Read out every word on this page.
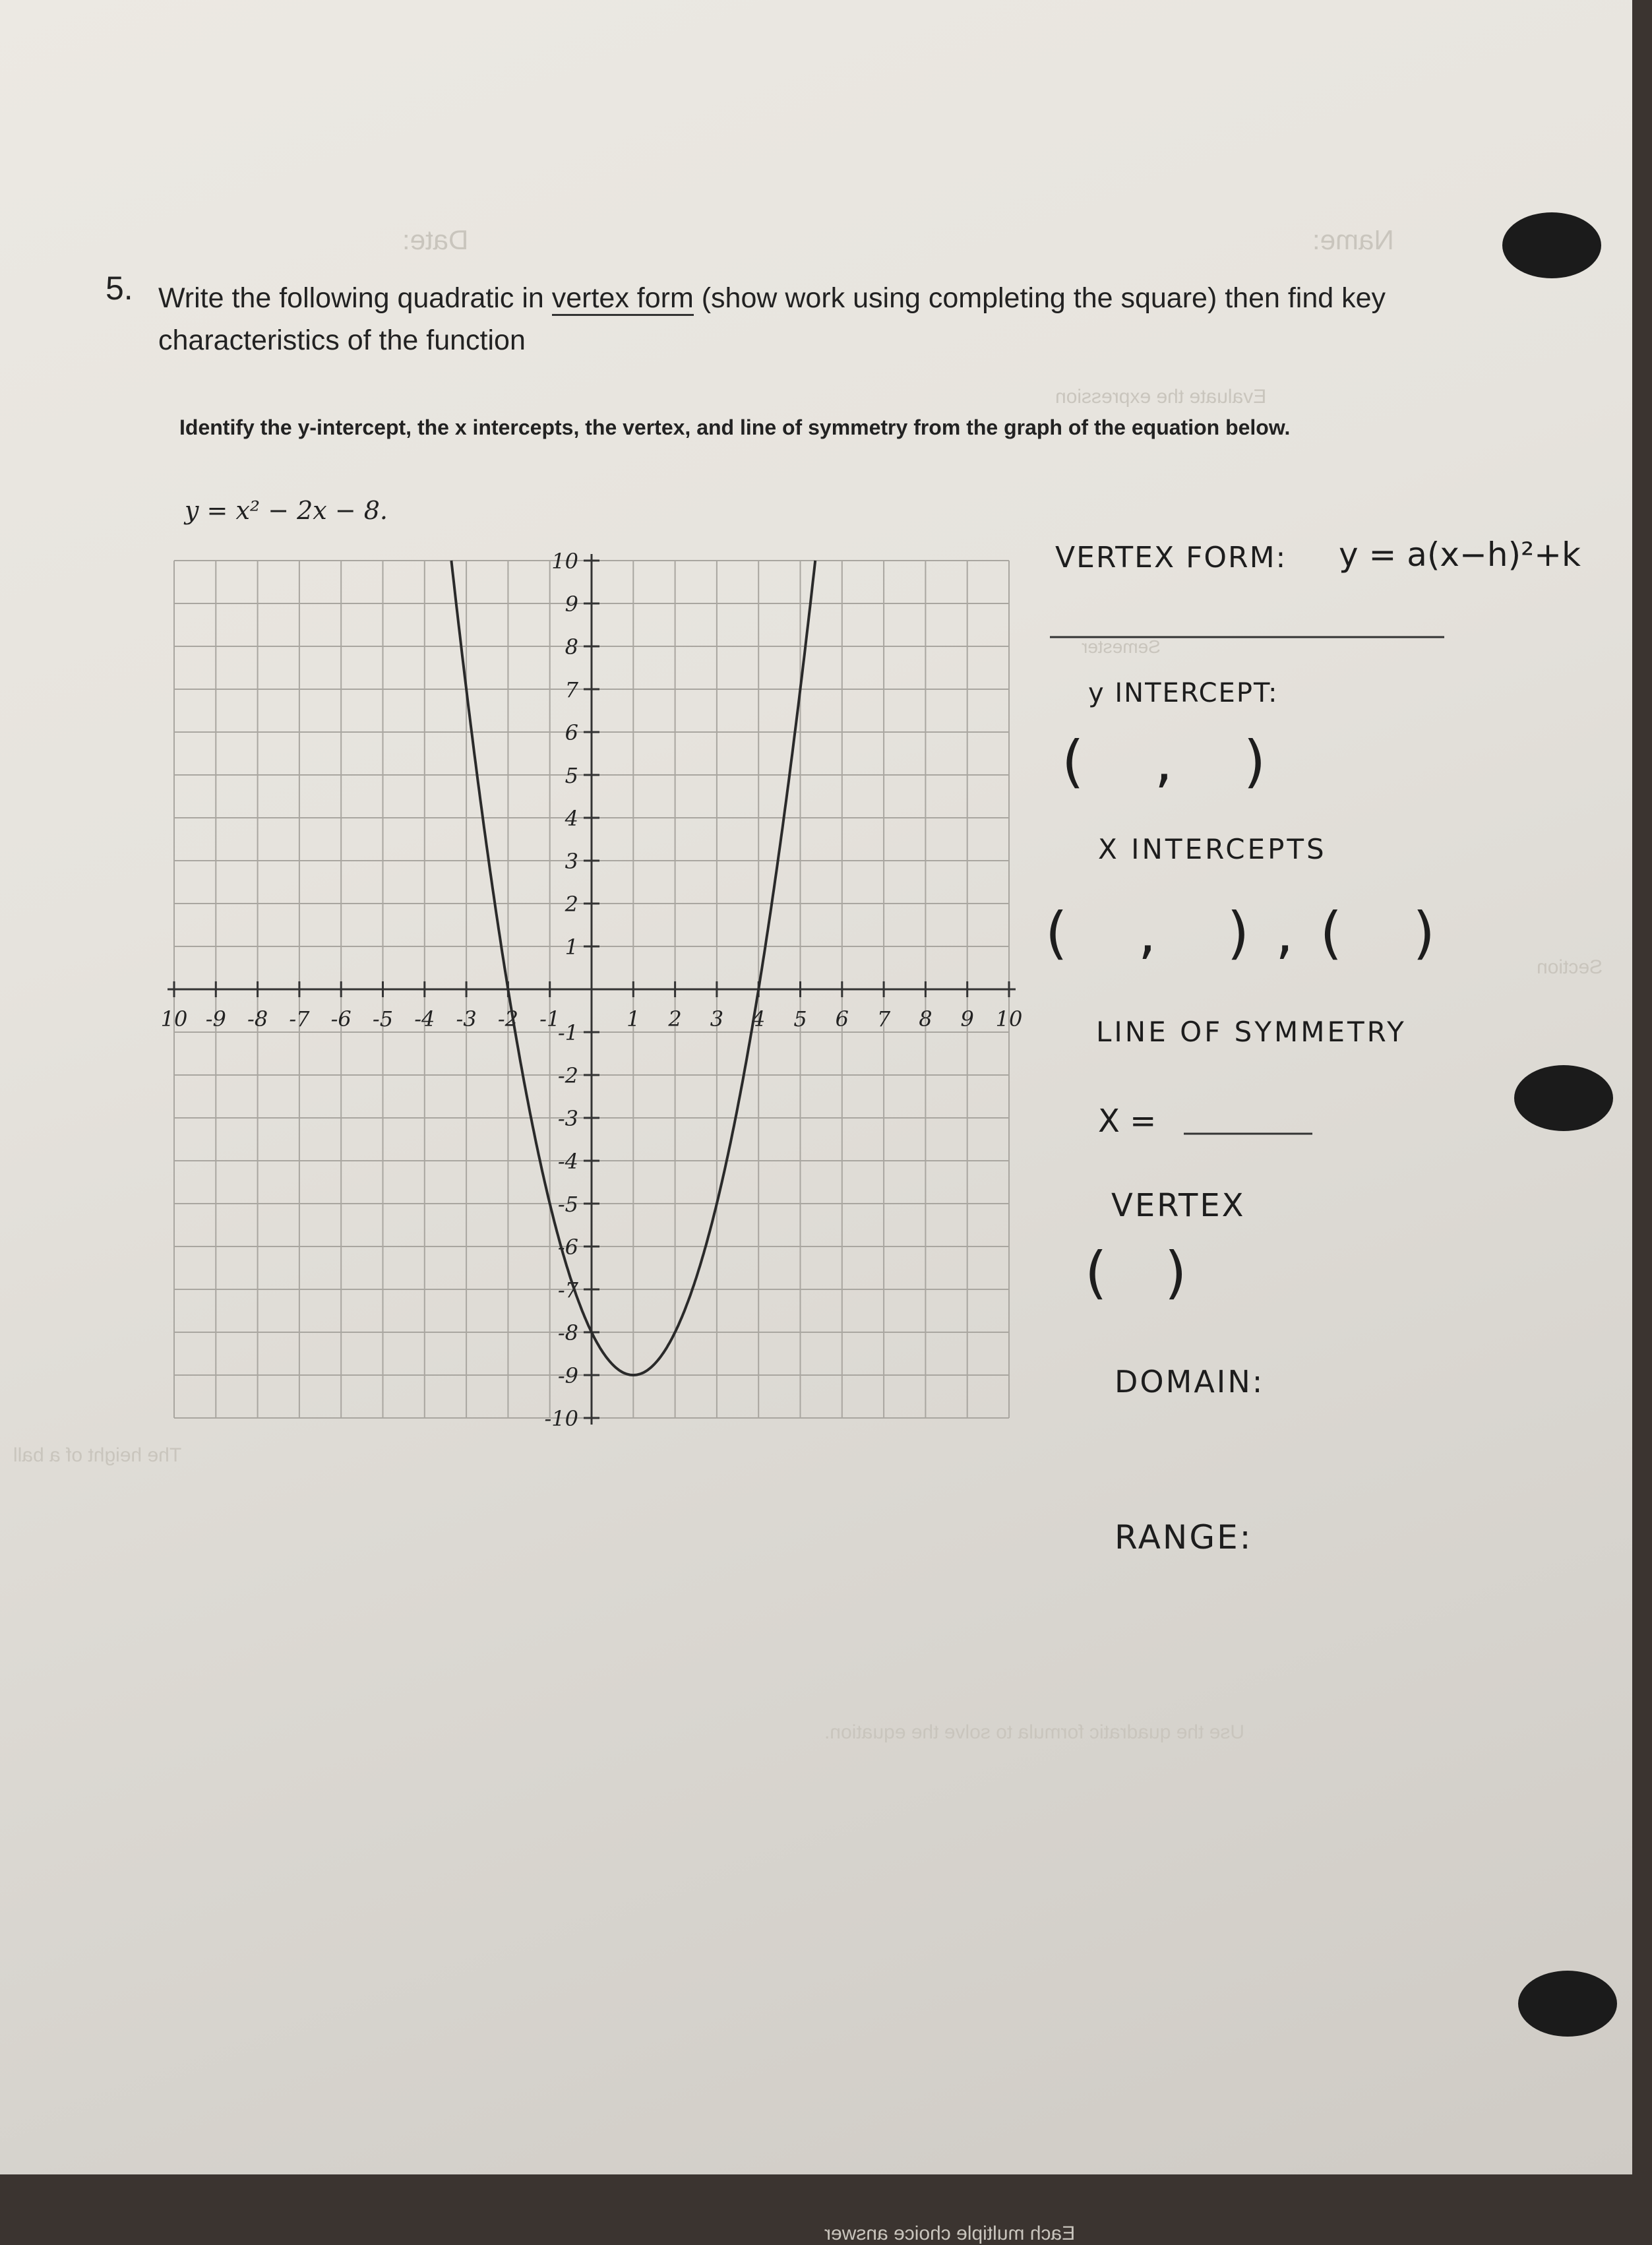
Name:
Date:
Evaluate the expression
Semester
Section
The height of a ball
Use the quadratic formula to solve the equation.
Each multiple choice answer
5. Write the following quadratic in vertex form (show work using completing the square) then find key characteristics of the function
Identify the y-intercept, the x intercepts, the vertex, and line of symmetry from the graph of the equation below.
y = x² − 2x − 8.
10 -9 -8 -7 -6 -5 -4 -3 -2 -1	1 2 3 4 5 6 7 8 9 10
10
9
8
7
6
5
4
3
2
1
-1
-2
-3
-4
-5
-6
-7
-8
-9
-10
VERTEX FORM: y = a(x−h)²+k
y INTERCEPT:
( , )
X INTERCEPTS
( , ),( )
LINE OF SYMMETRY
X =
VERTEX
( )
DOMAIN:
RANGE:
